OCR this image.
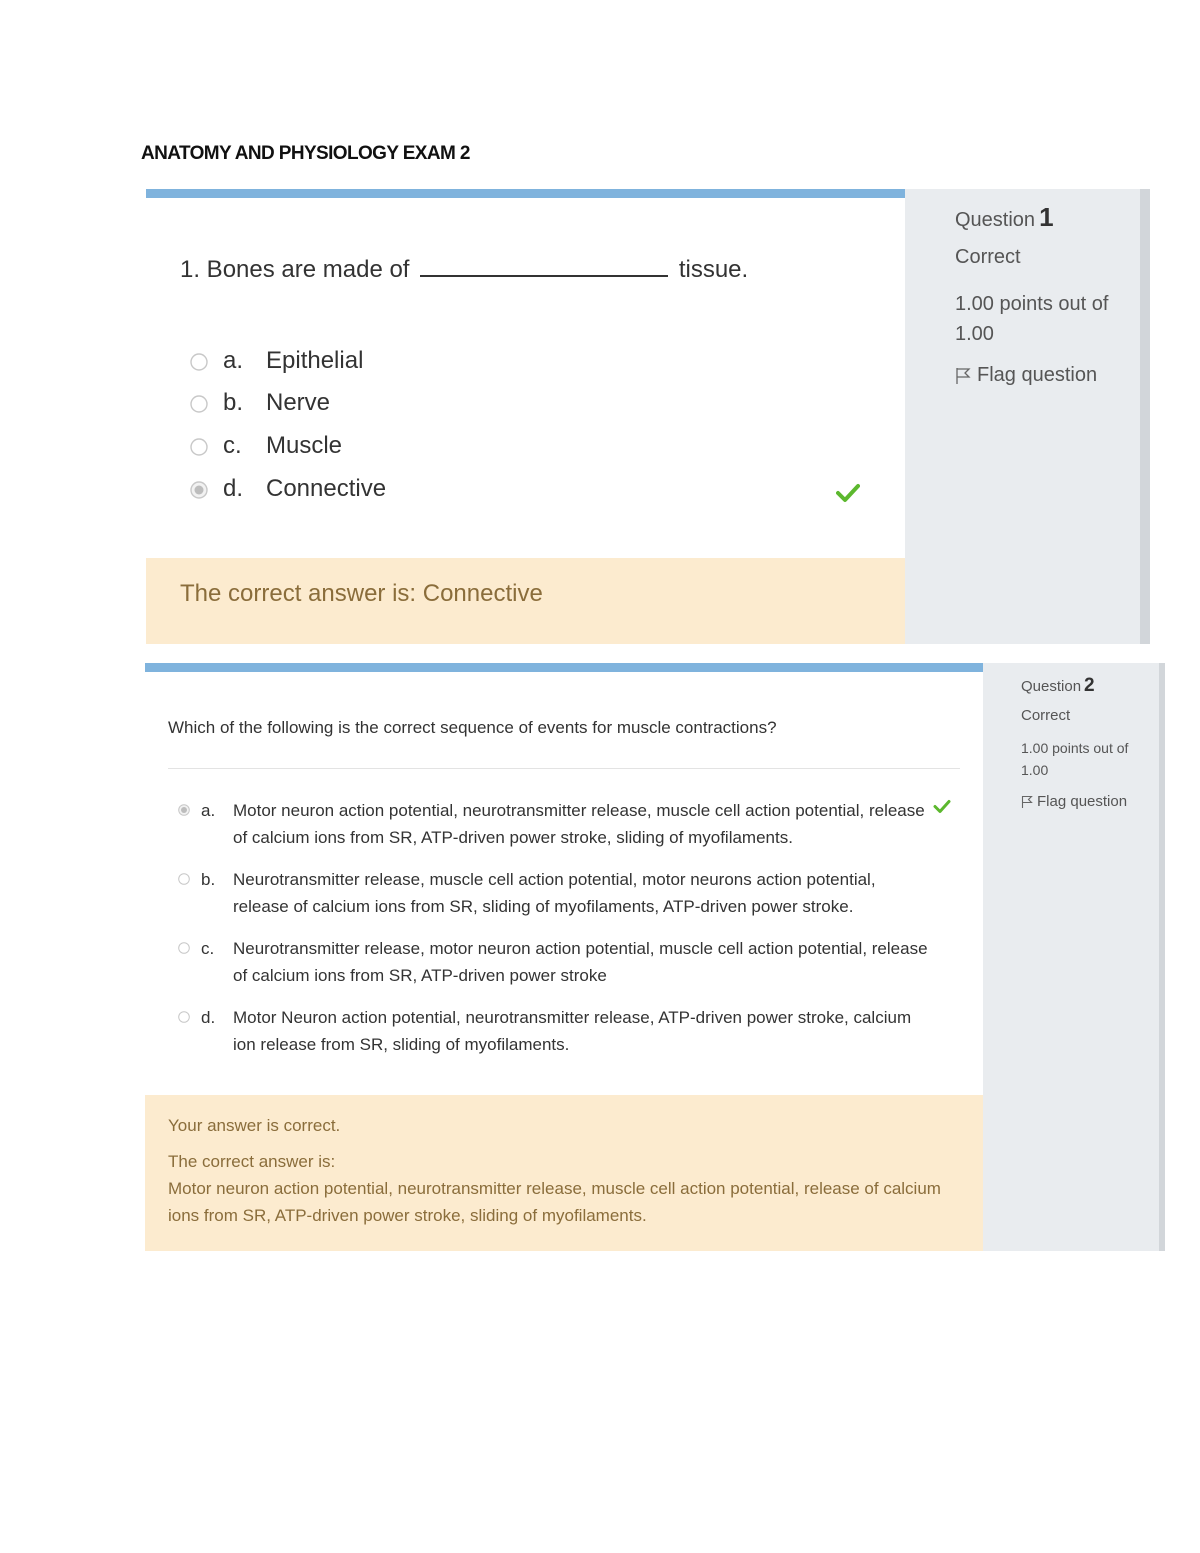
ANATOMY AND PHYSIOLOGY EXAM 2
1. Bones are made of	tissue.
a. Epithelial
b. Nerve
c. Muscle
d. Connective
The correct answer is: Connective
Question 1
Correct
1.00 points out of 1.00
Flag question
Which of the following is the correct sequence of events for muscle contractions?
a. Motor neuron action potential, neurotransmitter release, muscle cell action potential, release of calcium ions from SR, ATP-driven power stroke, sliding of myofilaments.
b. Neurotransmitter release, muscle cell action potential, motor neurons action potential, release of calcium ions from SR, sliding of myofilaments, ATP-driven power stroke.
c. Neurotransmitter release, motor neuron action potential, muscle cell action potential, release of calcium ions from SR, ATP-driven power stroke
d. Motor Neuron action potential, neurotransmitter release, ATP-driven power stroke, calcium ion release from SR, sliding of myofilaments.

Your answer is correct.

The correct answer is:

Motor neuron action potential, neurotransmitter release, muscle cell action potential, release of calcium ions from SR, ATP-driven power stroke, sliding of myofilaments.

Question 2
Correct
1.00 points out of 1.00
Flag question
